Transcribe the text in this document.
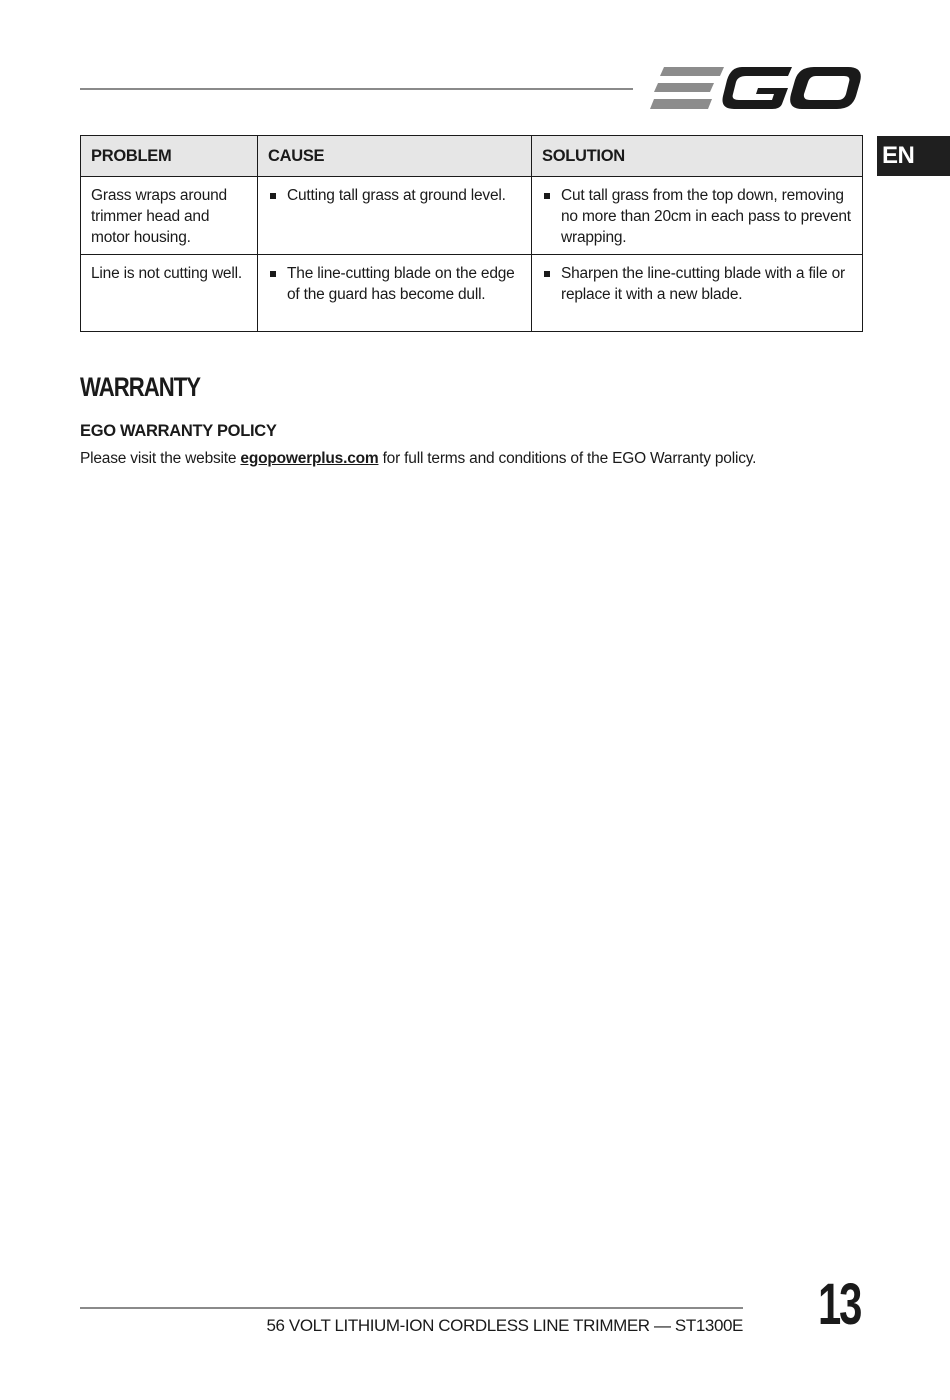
EN
PROBLEM	CAUSE	SOLUTION
Grass wraps around trimmer head and motor housing.	Cutting tall grass at ground level.	Cut tall grass from the top down, removing no more than 20cm in each pass to prevent wrapping.

Line is not cutting well.	The line-cutting blade on the edge of the guard has become dull.	Sharpen the line-cutting blade with a file or replace it with a new blade.
WARRANTY
EGO WARRANTY POLICY
Please visit the website egopowerplus.com for full terms and conditions of the EGO Warranty policy.
56 VOLT LITHIUM-ION CORDLESS LINE TRIMMER — ST1300E 13
